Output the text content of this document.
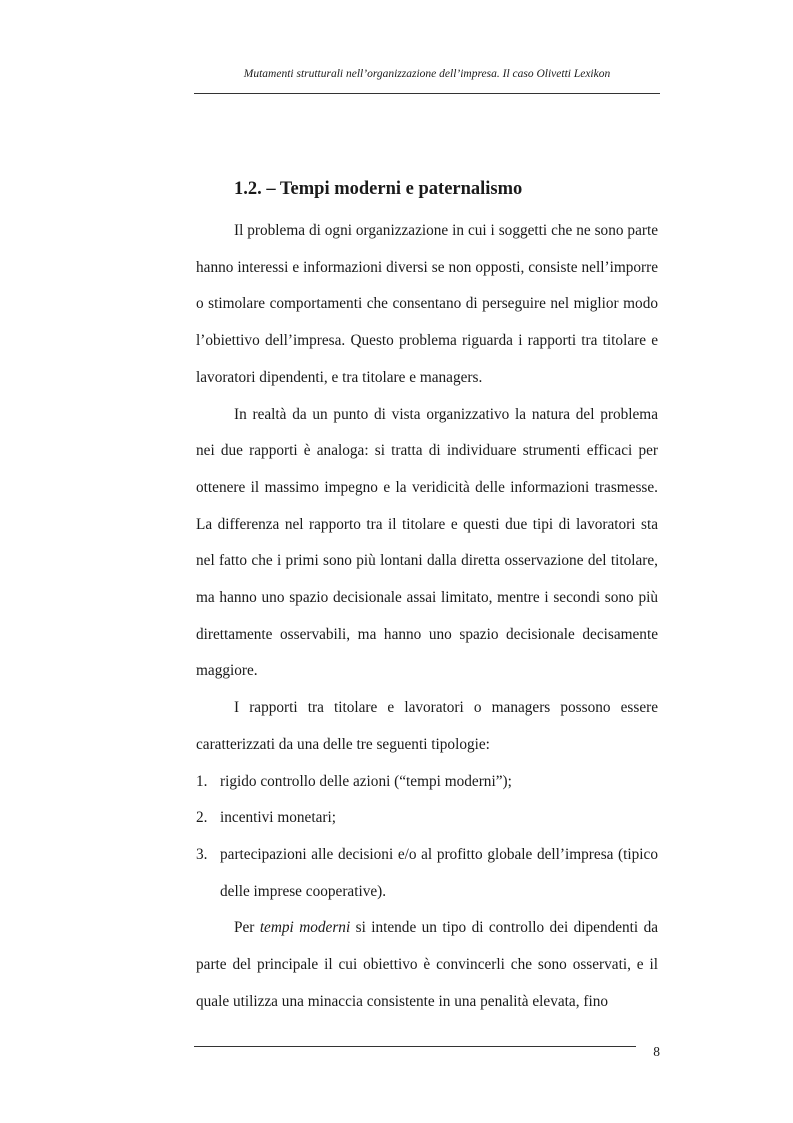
Mutamenti strutturali nell’organizzazione dell’impresa. Il caso Olivetti Lexikon
1.2. – Tempi moderni e paternalismo

Il problema di ogni organizzazione in cui i soggetti che ne sono parte hanno interessi e informazioni diversi se non opposti, consiste nell’imporre o stimolare comportamenti che consentano di perseguire nel miglior modo l’obiettivo dell’impresa. Questo problema riguarda i rapporti tra titolare e lavoratori dipendenti, e tra titolare e managers.

In realtà da un punto di vista organizzativo la natura del problema nei due rapporti è analoga: si tratta di individuare strumenti efficaci per ottenere il massimo impegno e la veridicità delle informazioni trasmesse. La differenza nel rapporto tra il titolare e questi due tipi di lavoratori sta nel fatto che i primi sono più lontani dalla diretta osservazione del titolare, ma hanno uno spazio decisionale assai limitato, mentre i secondi sono più direttamente osservabili, ma hanno uno spazio decisionale decisamente maggiore.

I rapporti tra titolare e lavoratori o managers possono essere caratterizzati da una delle tre seguenti tipologie:

1. rigido controllo delle azioni (“tempi moderni”);
2. incentivi monetari;
3. partecipazioni alle decisioni e/o al profitto globale dell’impresa (tipico delle imprese cooperative).

Per tempi moderni si intende un tipo di controllo dei dipendenti da parte del principale il cui obiettivo è convincerli che sono osservati, e il quale utilizza una minaccia consistente in una penalità elevata, fino

8
